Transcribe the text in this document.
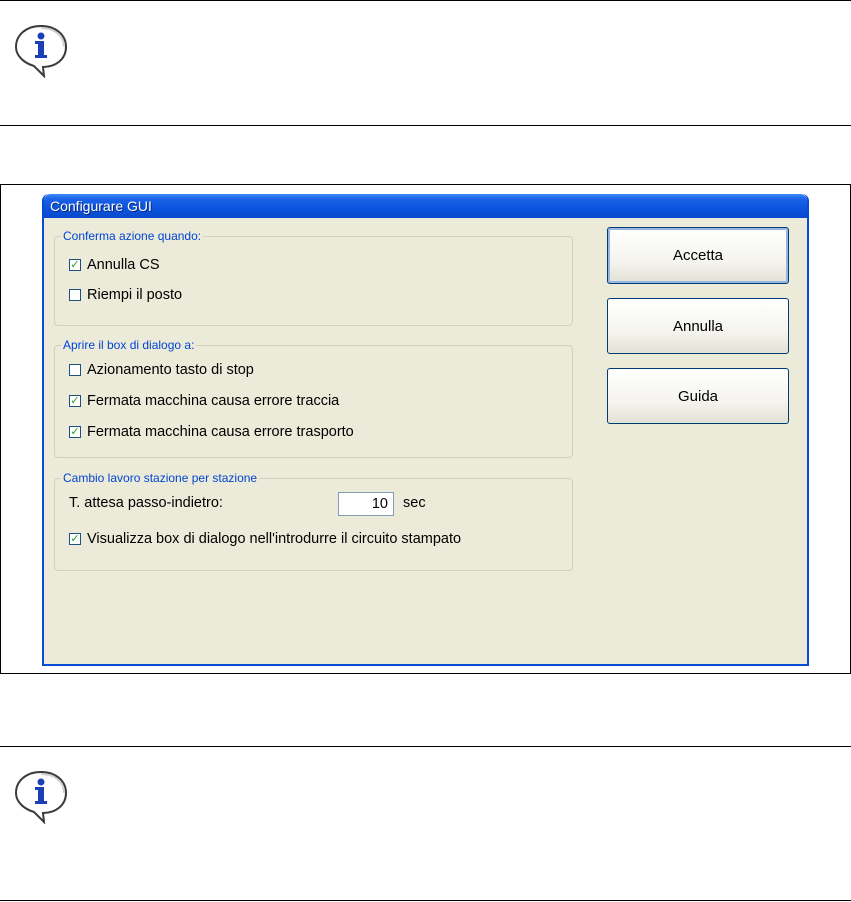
Configurare GUI
Conferma azione quando:
✓ Annulla CS
Riempi il posto
Aprire il box di dialogo a:
Azionamento tasto di stop
✓ Fermata macchina causa errore traccia
✓ Fermata macchina causa errore trasporto
Cambio lavoro stazione per stazione
T. attesa passo-indietro:	10	sec
✓ Visualizza box di dialogo nell'introdurre il circuito stampato
Accetta
Annulla
Guida
